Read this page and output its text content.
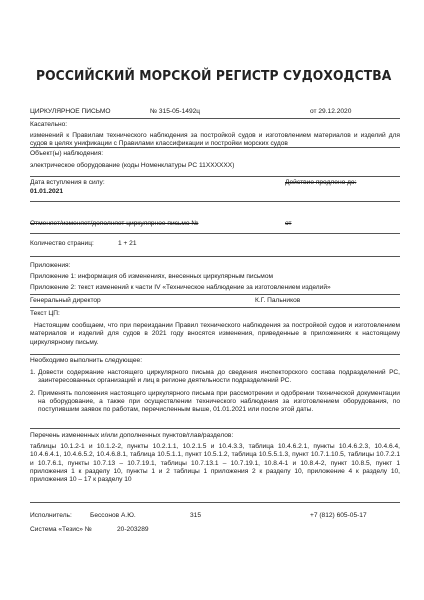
РОССИЙСКИЙ МОРСКОЙ РЕГИСТР СУДОХОДСТВА
ЦИРКУЛЯРНОЕ ПИСЬМО	№ 315-05-1492ц	от 29.12.2020
Касательно:
изменений к Правилам технического наблюдения за постройкой судов и изготовлением материалов и изделий для судов в целях унификации с Правилами классификации и постройки морских судов
Объект(ы) наблюдения:
электрическое оборудование (коды Номенклатуры РС 11XXXXXX)
Дата вступления в силу:	Действие продлено до:
01.01.2021
Отменяет/изменяет/дополняет циркулярное письмо №	от
Количество страниц:	1 + 21
Приложения:
Приложение 1: информация об изменениях, внесенных циркулярным письмом
Приложение 2: текст изменений к части IV «Техническое наблюдение за изготовлением изделий»
Генеральный директор	К.Г. Пальников
Текст ЦП:
Настоящим сообщаем, что при переиздании Правил технического наблюдения за постройкой судов и изготовлением материалов и изделий для судов в 2021 году вносятся изменения, приведенные в приложениях к настоящему циркулярному письму.
Необходимо выполнить следующее:
1. Довести содержание настоящего циркулярного письма до сведения инспекторского состава подразделений РС, заинтересованных организаций и лиц в регионе деятельности подразделений РС.
2. Применять положения настоящего циркулярного письма при рассмотрении и одобрении технической документации на оборудование, а также при осуществлении технического наблюдения за изготовлением оборудования, по поступившим заявок по работам, перечисленным выше, 01.01.2021 или после этой даты.
Перечень измененных и/или дополненных пунктов/глав/разделов:
таблицы 10.1.2-1 и 10.1.2-2, пункты 10.2.1.1, 10.2.1.5 и 10.4.3.3, таблица 10.4.6.2.1, пункты 10.4.6.2.3, 10.4.6.4, 10.4.6.4.1, 10.4.6.5.2, 10.4.6.8.1, таблица 10.5.1.1, пункт 10.5.1.2, таблица 10.5.5.1.3, пункт 10.7.1.10.5, таблицы 10.7.2.1 и 10.7.6.1, пункты 10.7.13 – 10.7.19.1, таблицы 10.7.13.1 – 10.7.19.1, 10.8.4-1 и 10.8.4-2, пункт 10.8.5, пункт 1 приложения 1 к разделу 10, пункты 1 и 2 таблицы 1 приложения 2 к разделу 10, приложение 4 к разделу 10, приложения 10 – 17 к разделу 10
Исполнитель:	Бессонов А.Ю.	315	+7 (812) 605-05-17
Система «Тезис» №	20-203289
